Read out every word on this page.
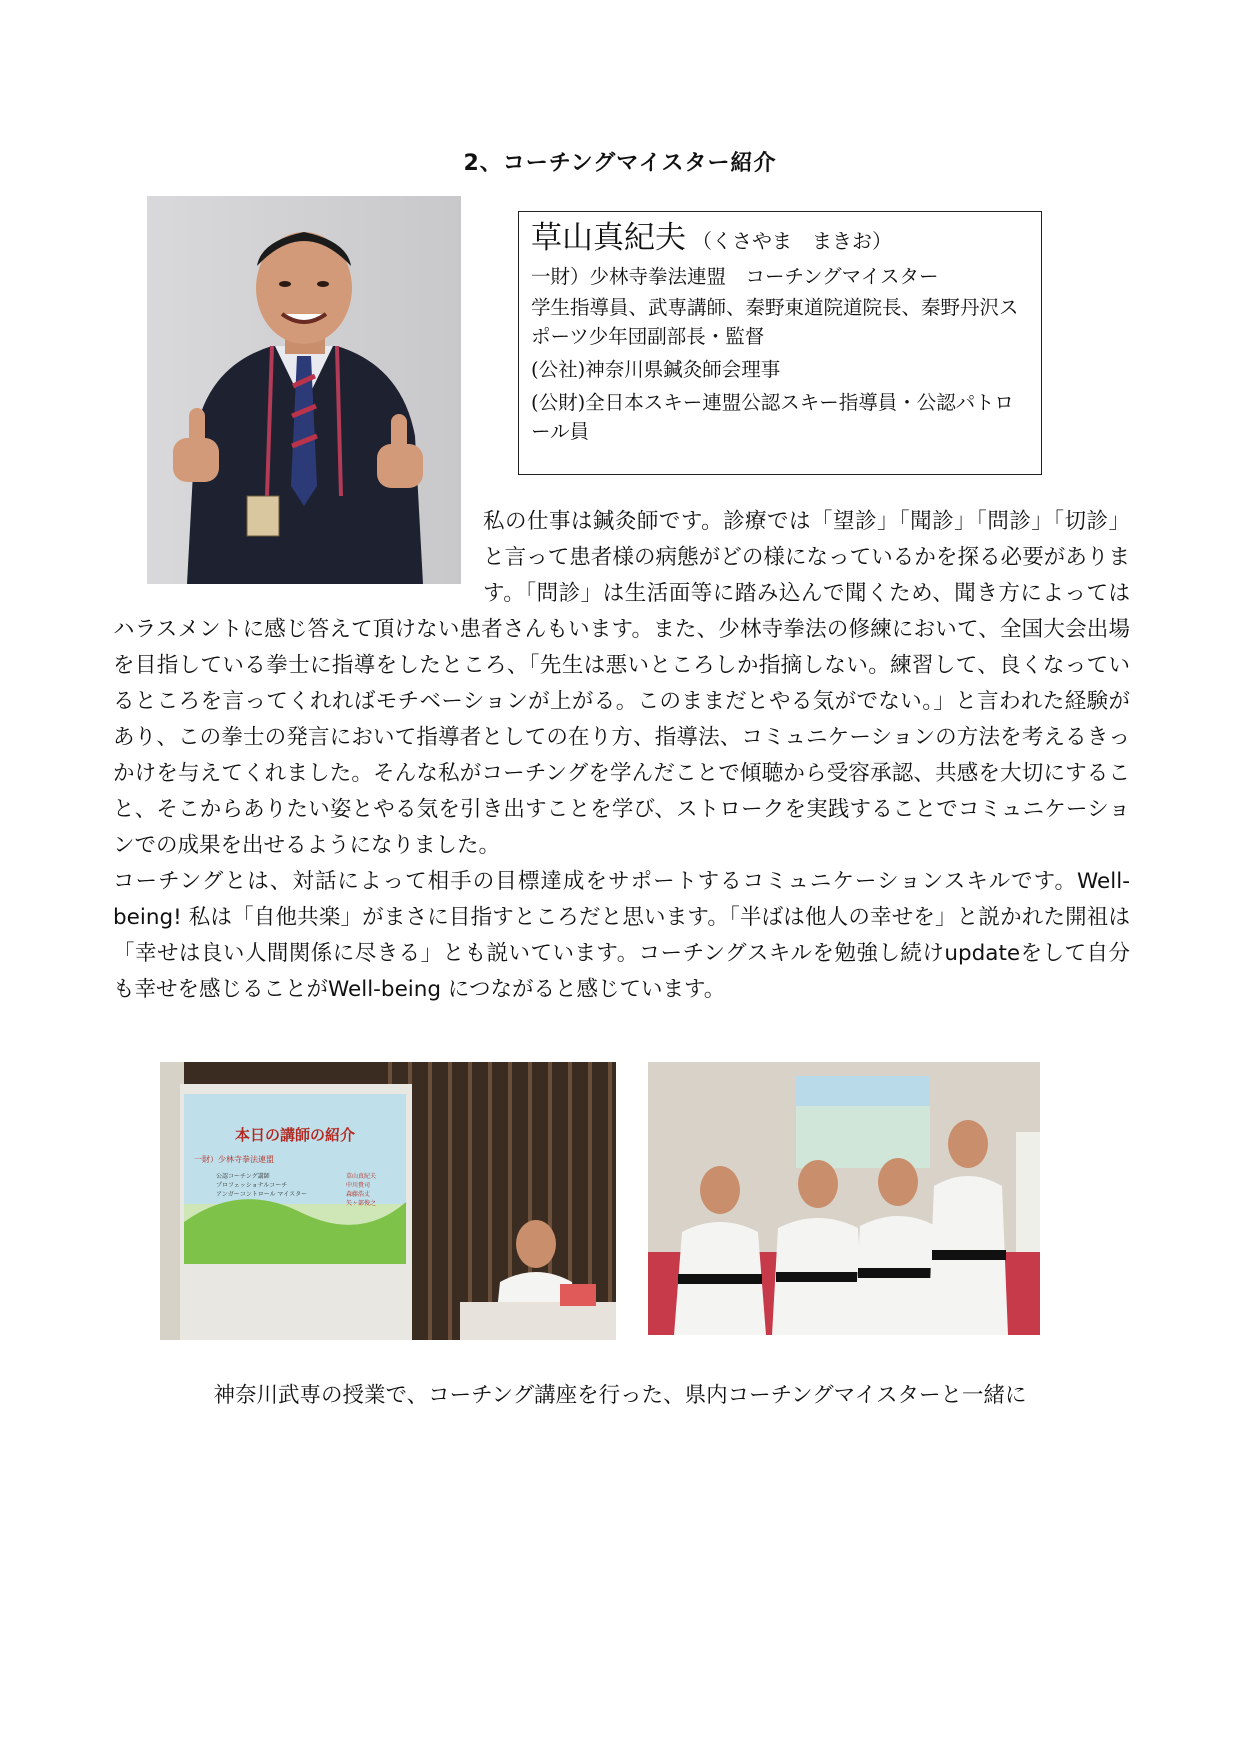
2、コーチングマイスター紹介
草山真紀夫 （くさやま　まきお）
一財）少林寺拳法連盟　コーチングマイスター
学生指導員、武専講師、秦野東道院道院長、秦野丹沢スポーツ少年団副部長・監督
(公社)神奈川県鍼灸師会理事
(公財)全日本スキー連盟公認スキー指導員・公認パトロール員
私の仕事は鍼灸師です。診療では「望診」「聞診」「問診」「切診」と言って患者様の病態がどの様になっているかを探る必要があります。「問診」は生活面等に踏み込んで聞くため、聞き方によってはハラスメントに感じ答えて頂けない患者さんもいます。また、少林寺拳法の修練において、全国大会出場を目指している拳士に指導をしたところ、「先生は悪いところしか指摘しない。練習して、良くなっているところを言ってくれればモチベーションが上がる。このままだとやる気がでない。」と言われた経験があり、この拳士の発言において指導者としての在り方、指導法、コミュニケーションの方法を考えるきっかけを与えてくれました。そんな私がコーチングを学んだことで傾聴から受容承認、共感を大切にすること、そこからありたい姿とやる気を引き出すことを学び、ストロークを実践することでコミュニケーションでの成果を出せるようになりました。
コーチングとは、対話によって相手の目標達成をサポートするコミュニケーションスキルです。Well-being! 私は「自他共楽」がまさに目指すところだと思います。「半ばは他人の幸せを」と説かれた開祖は「幸せは良い人間関係に尽きる」とも説いています。コーチングスキルを勉強し続けupdateをして自分も幸せを感じることがWell-being につながると感じています。
本日の講師の紹介
一財）少林寺拳法連盟
公認コーチング講師
プロフェッショナルコーチ
アンガーコントロール マイスター
草山真紀夫
中川貴司
森藤浩丈
矢ヶ部俊之
神奈川武専の授業で、コーチング講座を行った、県内コーチングマイスターと一緒に
